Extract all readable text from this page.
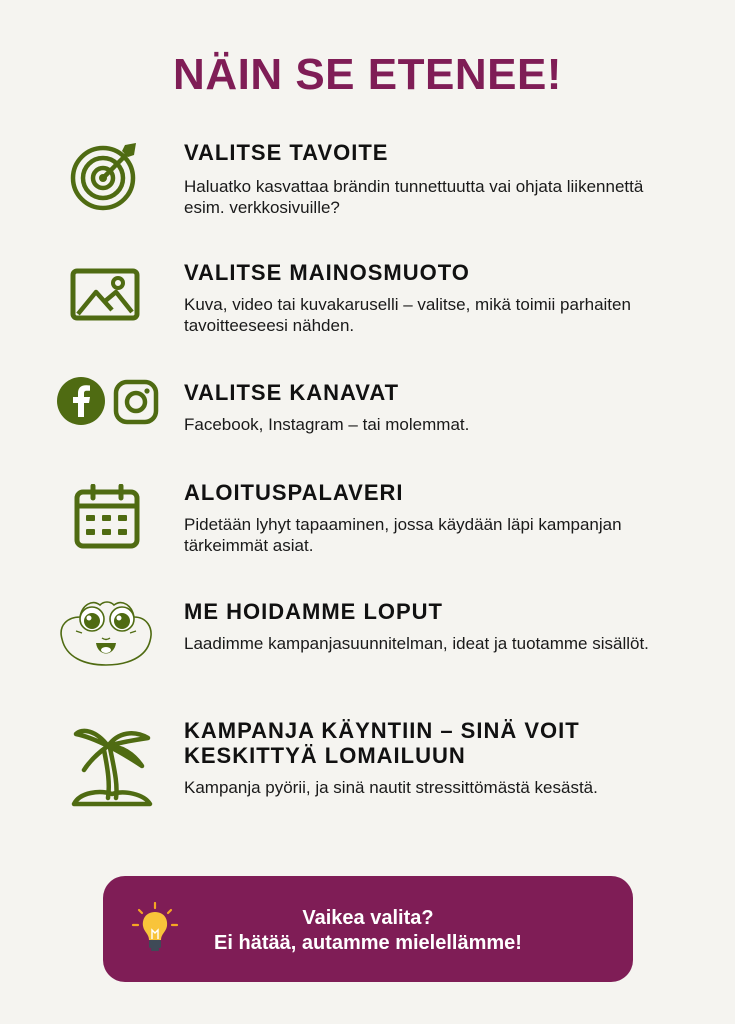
NÄIN SE ETENEE!
VALITSE TAVOITE

Haluatko kasvattaa brändin tunnettuutta vai ohjata liikennettä esim. verkkosivuille?

VALITSE MAINOSMUOTO

Kuva, video tai kuvakaruselli – valitse, mikä toimii parhaiten tavoitteeseesi nähden.

VALITSE KANAVAT

Facebook, Instagram – tai molemmat.

ALOITUSPALAVERI

Pidetään lyhyt tapaaminen, jossa käydään läpi kampanjan tärkeimmät asiat.

ME HOIDAMME LOPUT

Laadimme kampanjasuunnitelman, ideat ja tuotamme sisällöt.

KAMPANJA KÄYNTIIN – SINÄ VOIT KESKITTYÄ LOMAILUUN

Kampanja pyörii, ja sinä nautit stressittömästä kesästä.

Vaikea valita?
Ei hätää, autamme mielellämme!
